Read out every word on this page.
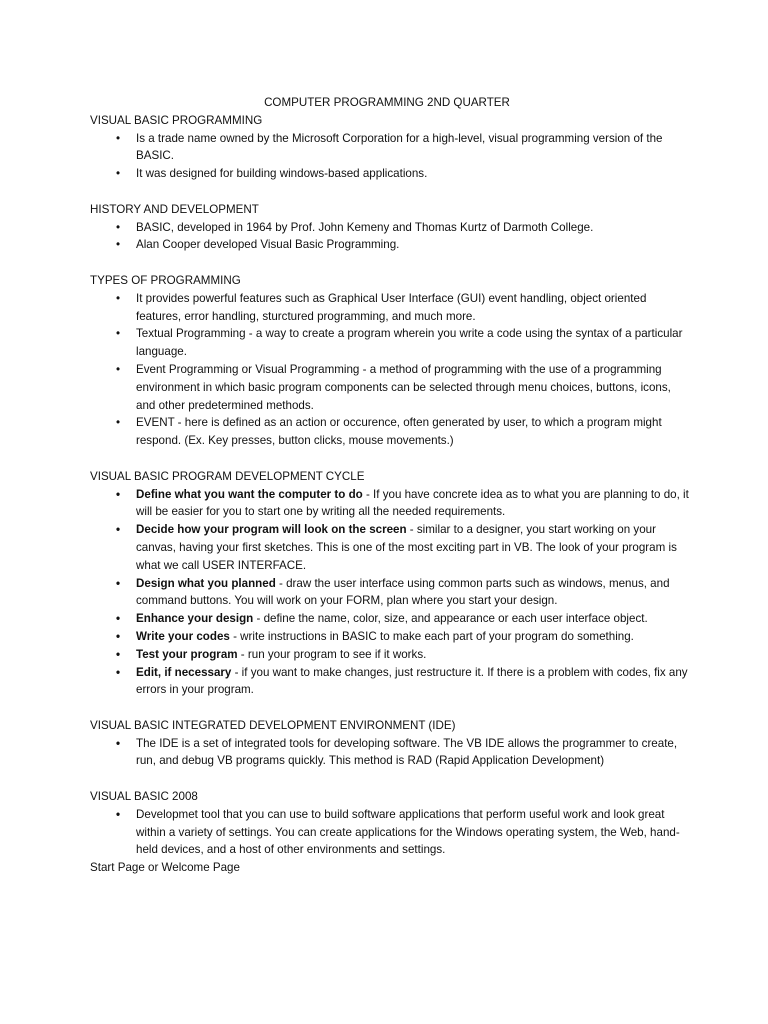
COMPUTER PROGRAMMING 2ND QUARTER
VISUAL BASIC PROGRAMMING
• Is a trade name owned by the Microsoft Corporation for a high-level, visual programming version of the BASIC.
• It was designed for building windows-based applications.
HISTORY AND DEVELOPMENT
• BASIC, developed in 1964 by Prof. John Kemeny and Thomas Kurtz of Darmoth College.
• Alan Cooper developed Visual Basic Programming.
TYPES OF PROGRAMMING
• It provides powerful features such as Graphical User Interface (GUI) event handling, object oriented features, error handling, sturctured programming, and much more.
• Textual Programming - a way to create a program wherein you write a code using the syntax of a particular language.
• Event Programming or Visual Programming - a method of programming with the use of a programming environment in which basic program components can be selected through menu choices, buttons, icons, and other predetermined methods.
• EVENT - here is defined as an action or occurence, often generated by user, to which a program might respond. (Ex. Key presses, button clicks, mouse movements.)
VISUAL BASIC PROGRAM DEVELOPMENT CYCLE
• Define what you want the computer to do - If you have concrete idea as to what you are planning to do, it will be easier for you to start one by writing all the needed requirements.
• Decide how your program will look on the screen - similar to a designer, you start working on your canvas, having your first sketches. This is one of the most exciting part in VB. The look of your program is what we call USER INTERFACE.
• Design what you planned - draw the user interface using common parts such as windows, menus, and command buttons. You will work on your FORM, plan where you start your design.
• Enhance your design - define the name, color, size, and appearance or each user interface object.
• Write your codes - write instructions in BASIC to make each part of your program do something.
• Test your program - run your program to see if it works.
• Edit, if necessary - if you want to make changes, just restructure it. If there is a problem with codes, fix any errors in your program.
VISUAL BASIC INTEGRATED DEVELOPMENT ENVIRONMENT (IDE)
• The IDE is a set of integrated tools for developing software. The VB IDE allows the programmer to create, run, and debug VB programs quickly. This method is RAD (Rapid Application Development)
VISUAL BASIC 2008
• Developmet tool that you can use to build software applications that perform useful work and look great within a variety of settings. You can create applications for the Windows operating system, the Web, hand-held devices, and a host of other environments and settings.
Start Page or Welcome Page
